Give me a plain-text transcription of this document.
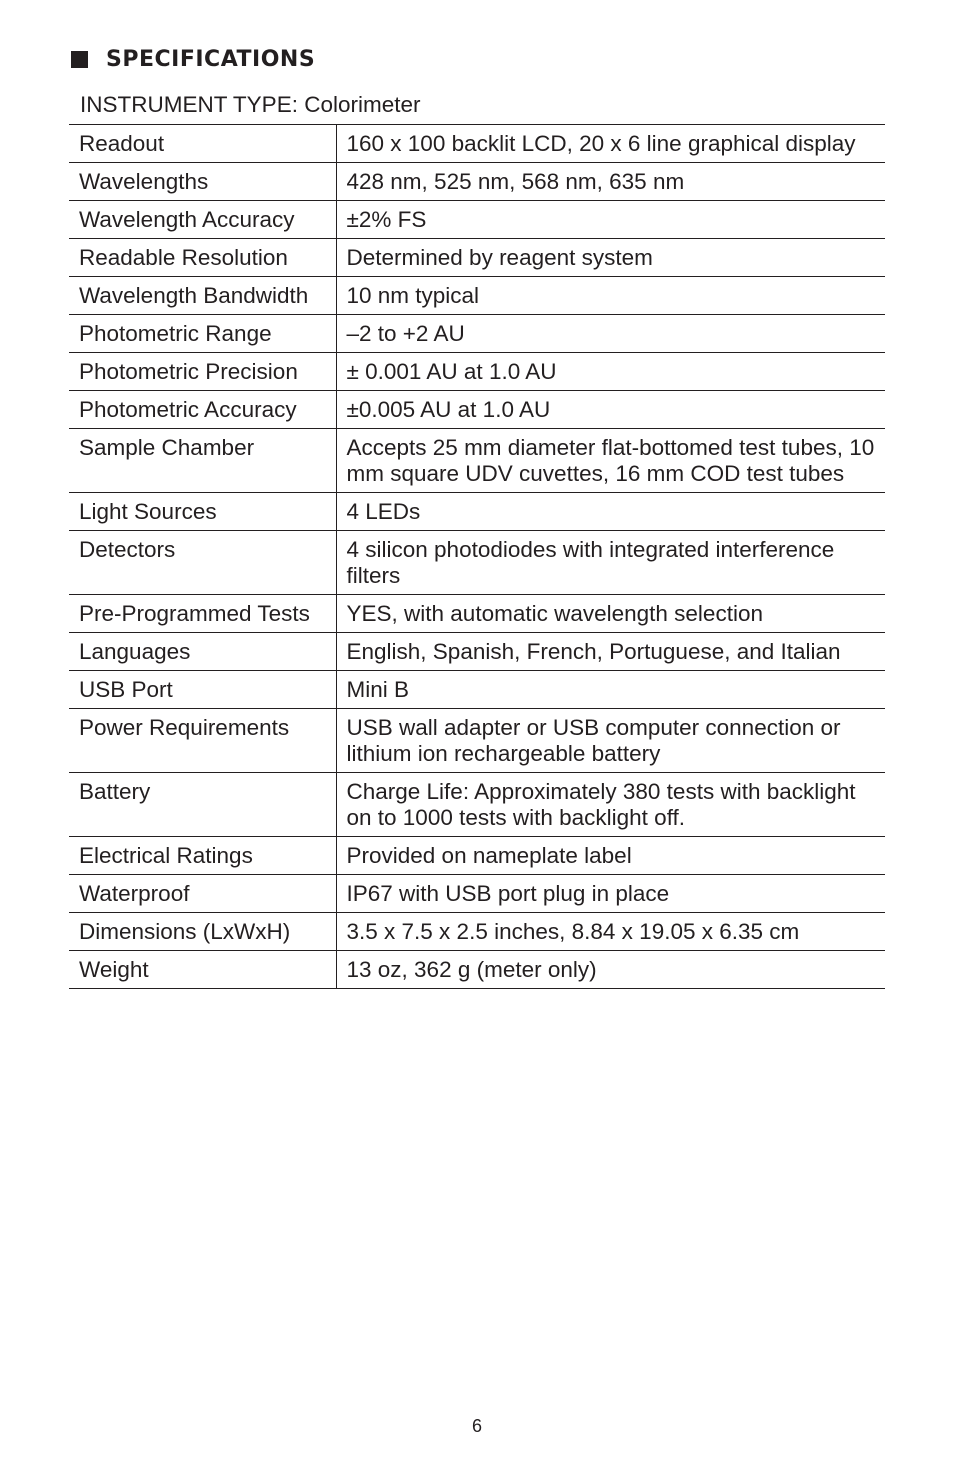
SPECIFICATIONS
INSTRUMENT TYPE: Colorimeter
Readout	160 x 100 backlit LCD, 20 x 6 line graphical display
Wavelengths	428 nm, 525 nm, 568 nm, 635 nm
Wavelength Accuracy	±2% FS
Readable Resolution	Determined by reagent system
Wavelength Bandwidth	10 nm typical
Photometric Range	–2 to +2 AU
Photometric Precision	± 0.001 AU at 1.0 AU
Photometric Accuracy	±0.005 AU at 1.0 AU
Sample Chamber	Accepts 25 mm diameter flat-bottomed test tubes, 10 mm square UDV cuvettes, 16 mm COD test tubes
Light Sources	4 LEDs
Detectors	4 silicon photodiodes with integrated interference filters
Pre-Programmed Tests	YES, with automatic wavelength selection
Languages	English, Spanish, French, Portuguese, and Italian
USB Port	Mini B
Power Requirements	USB wall adapter or USB computer connection or lithium ion rechargeable battery
Battery	Charge Life: Approximately 380 tests with backlight on to 1000 tests with backlight off.
Electrical Ratings	Provided on nameplate label
Waterproof	IP67 with USB port plug in place
Dimensions (LxWxH)	3.5 x 7.5 x 2.5 inches, 8.84 x 19.05 x 6.35 cm
Weight	13 oz, 362 g (meter only)
6
